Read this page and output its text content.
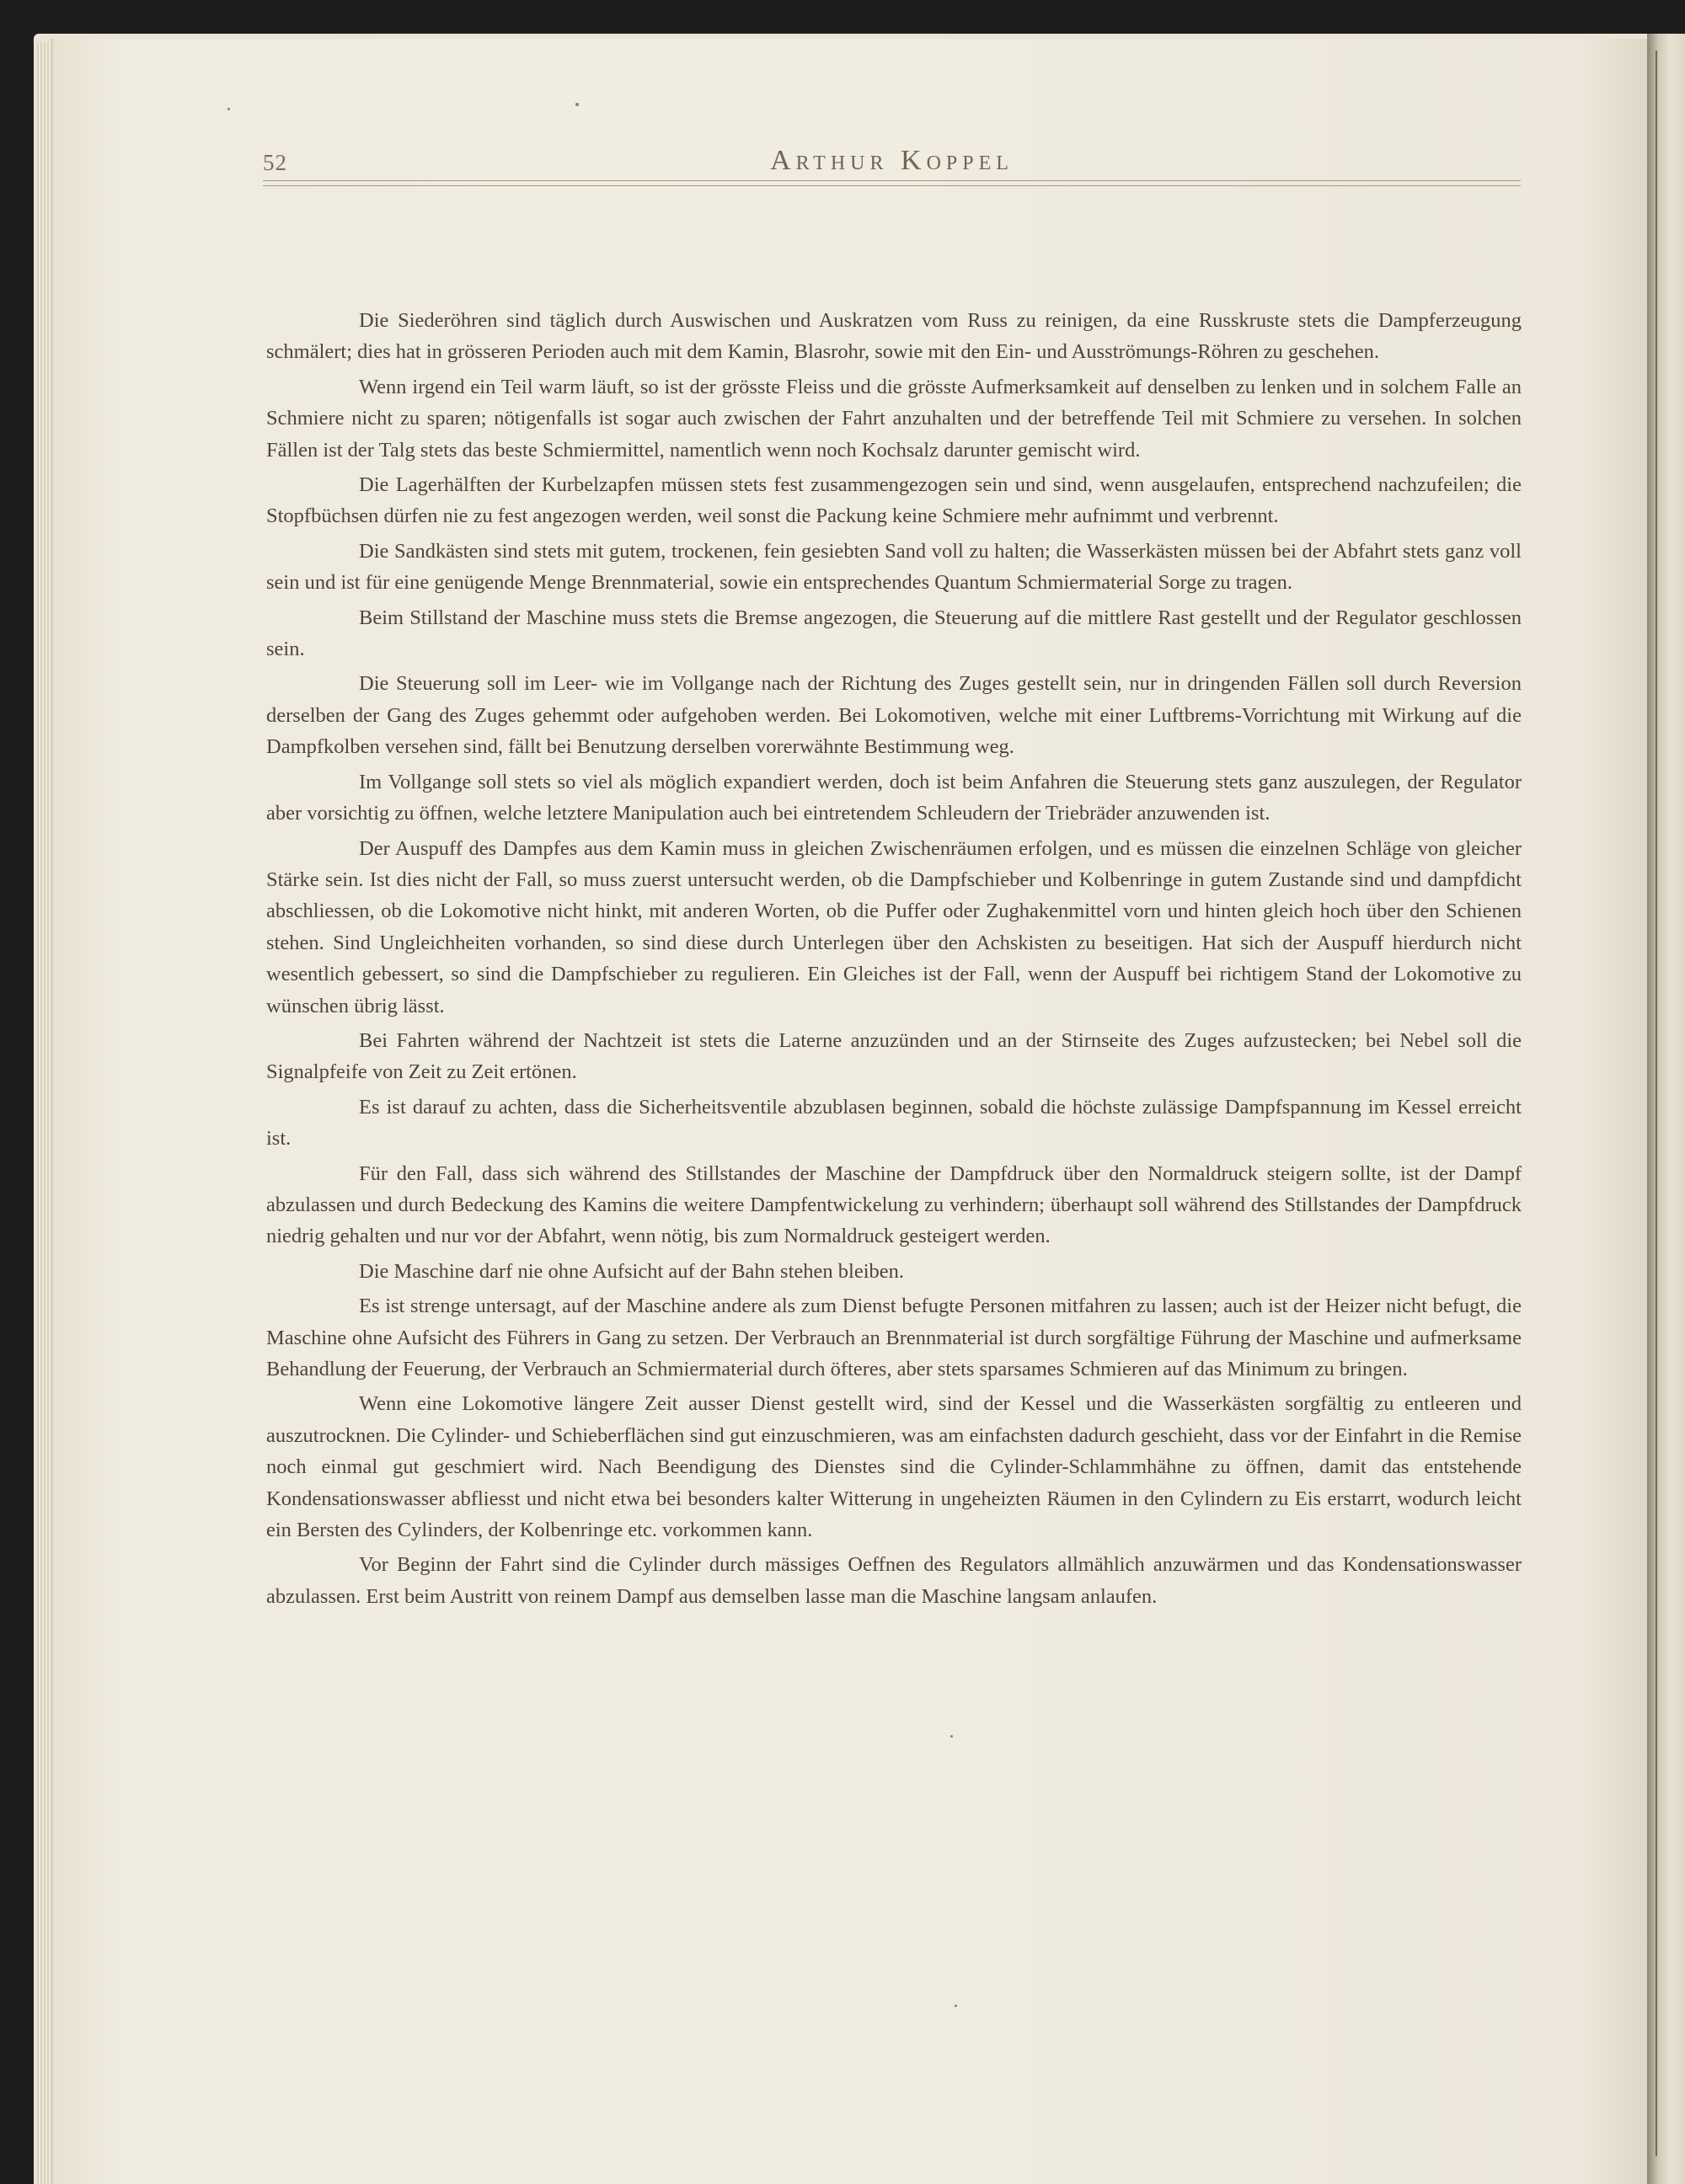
52	Arthur Koppel

Die Siederöhren sind täglich durch Auswischen und Auskratzen vom Russ zu reinigen, da eine Russkruste stets die Dampferzeugung schmälert; dies hat in grösseren Perioden auch mit dem Kamin, Blasrohr, sowie mit den Ein- und Ausströmungs-Röhren zu geschehen.

Wenn irgend ein Teil warm läuft, so ist der grösste Fleiss und die grösste Aufmerksamkeit auf denselben zu lenken und in solchem Falle an Schmiere nicht zu sparen; nötigenfalls ist sogar auch zwischen der Fahrt anzuhalten und der betreffende Teil mit Schmiere zu versehen. In solchen Fällen ist der Talg stets das beste Schmiermittel, namentlich wenn noch Kochsalz darunter gemischt wird.

Die Lagerhälften der Kurbelzapfen müssen stets fest zusammengezogen sein und sind, wenn ausgelaufen, entsprechend nachzufeilen; die Stopfbüchsen dürfen nie zu fest angezogen werden, weil sonst die Packung keine Schmiere mehr aufnimmt und verbrennt.

Die Sandkästen sind stets mit gutem, trockenen, fein gesiebten Sand voll zu halten; die Wasserkästen müssen bei der Abfahrt stets ganz voll sein und ist für eine genügende Menge Brennmaterial, sowie ein entsprechendes Quantum Schmiermaterial Sorge zu tragen.

Beim Stillstand der Maschine muss stets die Bremse angezogen, die Steuerung auf die mittlere Rast gestellt und der Regulator geschlossen sein.

Die Steuerung soll im Leer- wie im Vollgange nach der Richtung des Zuges gestellt sein, nur in dringenden Fällen soll durch Reversion derselben der Gang des Zuges gehemmt oder aufgehoben werden. Bei Lokomotiven, welche mit einer Luftbrems-Vorrichtung mit Wirkung auf die Dampfkolben versehen sind, fällt bei Benutzung derselben vorerwähnte Bestimmung weg.

Im Vollgange soll stets so viel als möglich expandiert werden, doch ist beim Anfahren die Steuerung stets ganz auszulegen, der Regulator aber vorsichtig zu öffnen, welche letztere Manipulation auch bei eintretendem Schleudern der Triebräder anzuwenden ist.

Der Auspuff des Dampfes aus dem Kamin muss in gleichen Zwischenräumen erfolgen, und es müssen die einzelnen Schläge von gleicher Stärke sein. Ist dies nicht der Fall, so muss zuerst untersucht werden, ob die Dampfschieber und Kolbenringe in gutem Zustande sind und dampfdicht abschliessen, ob die Lokomotive nicht hinkt, mit anderen Worten, ob die Puffer oder Zughakenmittel vorn und hinten gleich hoch über den Schienen stehen. Sind Ungleichheiten vorhanden, so sind diese durch Unterlegen über den Achskisten zu beseitigen. Hat sich der Auspuff hierdurch nicht wesentlich gebessert, so sind die Dampfschieber zu regulieren. Ein Gleiches ist der Fall, wenn der Auspuff bei richtigem Stand der Lokomotive zu wünschen übrig lässt.

Bei Fahrten während der Nachtzeit ist stets die Laterne anzuzünden und an der Stirnseite des Zuges aufzustecken; bei Nebel soll die Signalpfeife von Zeit zu Zeit ertönen.

Es ist darauf zu achten, dass die Sicherheitsventile abzublasen beginnen, sobald die höchste zulässige Dampfspannung im Kessel erreicht ist.

Für den Fall, dass sich während des Stillstandes der Maschine der Dampfdruck über den Normaldruck steigern sollte, ist der Dampf abzulassen und durch Bedeckung des Kamins die weitere Dampfentwickelung zu verhindern; überhaupt soll während des Stillstandes der Dampfdruck niedrig gehalten und nur vor der Abfahrt, wenn nötig, bis zum Normaldruck gesteigert werden.

Die Maschine darf nie ohne Aufsicht auf der Bahn stehen bleiben.

Es ist strenge untersagt, auf der Maschine andere als zum Dienst befugte Personen mitfahren zu lassen; auch ist der Heizer nicht befugt, die Maschine ohne Aufsicht des Führers in Gang zu setzen. Der Verbrauch an Brennmaterial ist durch sorgfältige Führung der Maschine und aufmerksame Behandlung der Feuerung, der Verbrauch an Schmiermaterial durch öfteres, aber stets sparsames Schmieren auf das Minimum zu bringen.

Wenn eine Lokomotive längere Zeit ausser Dienst gestellt wird, sind der Kessel und die Wasserkästen sorgfältig zu entleeren und auszutrocknen. Die Cylinder- und Schieberflächen sind gut einzuschmieren, was am einfachsten dadurch geschieht, dass vor der Einfahrt in die Remise noch einmal gut geschmiert wird. Nach Beendigung des Dienstes sind die Cylinder-Schlammhähne zu öffnen, damit das entstehende Kondensationswasser abfliesst und nicht etwa bei besonders kalter Witterung in ungeheizten Räumen in den Cylindern zu Eis erstarrt, wodurch leicht ein Bersten des Cylinders, der Kolbenringe etc. vorkommen kann.

Vor Beginn der Fahrt sind die Cylinder durch mässiges Oeffnen des Regulators allmählich anzuwärmen und das Kondensationswasser abzulassen. Erst beim Austritt von reinem Dampf aus demselben lasse man die Maschine langsam anlaufen.
